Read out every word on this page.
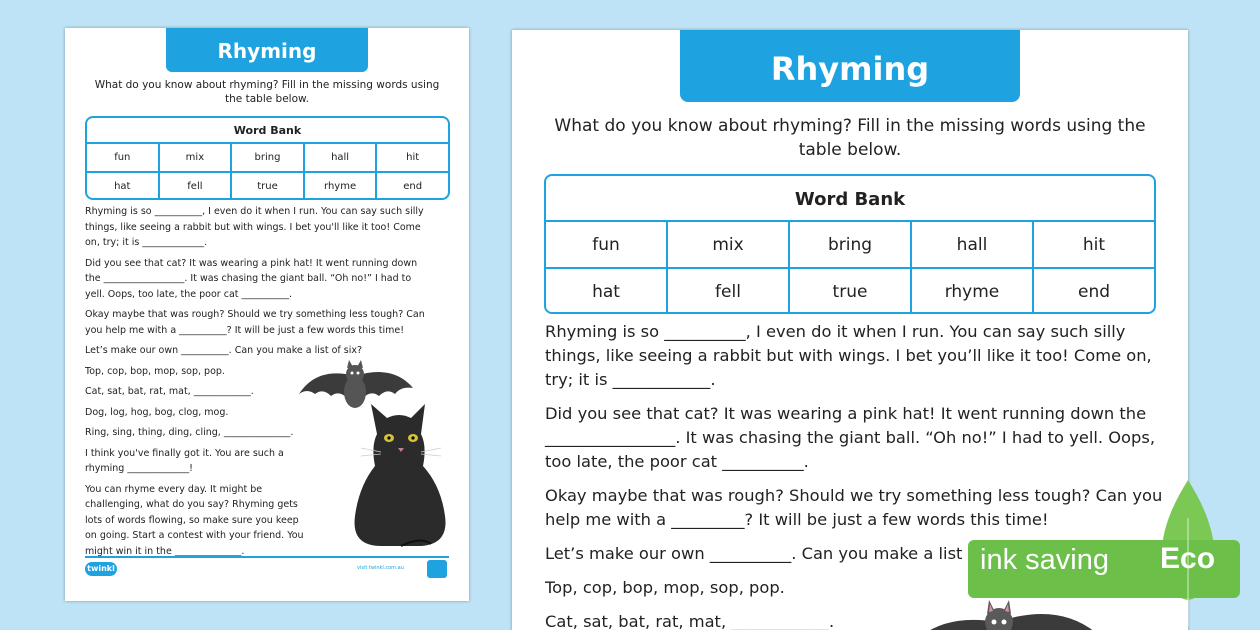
Rhyming
What do you know about rhyming? Fill in the missing words using the table below.
Word Bank
fun	mix	bring	hall	hit
hat	fell	true	rhyme	end

Rhyming is so __________, I even do it when I run. You can say such silly things, like seeing a rabbit but with wings. I bet you'll like it too! Come on, try; it is _____________.

Did you see that cat? It was wearing a pink hat! It went running down the _________________. It was chasing the giant ball. “Oh no!” I had to yell. Oops, too late, the poor cat __________.

Okay maybe that was rough? Should we try something less tough? Can you help me with a __________? It will be just a few words this time!

Let’s make our own __________. Can you make a list of six?

Top, cop, bop, mop, sop, pop.

Cat, sat, bat, rat, mat, ____________.

Dog, log, hog, bog, clog, mog.

Ring, sing, thing, ding, cling, ______________.

I think you've finally got it. You are such a rhyming _____________!

You can rhyme every day. It might be challenging, what do you say? Rhyming gets lots of words flowing, so make sure you keep on going. Start a contest with your friend. You might win it in the ______________.

twinkl	visit twinkl.com.au
Rhyming
What do you know about rhyming? Fill in the missing words using the table below.
Word Bank
fun	mix	bring	hall	hit
hat	fell	true	rhyme	end

Rhyming is so __________, I even do it when I run. You can say such silly things, like seeing a rabbit but with wings. I bet you’ll like it too! Come on, try; it is ____________.

Did you see that cat? It was wearing a pink hat! It went running down the ________________. It was chasing the giant ball. “Oh no!” I had to yell. Oops, too late, the poor cat __________.

Okay maybe that was rough? Should we try something less tough? Can you help me with a _________? It will be just a few words this time!

Let’s make our own __________. Can you make a list

Top, cop, bop, mop, sop, pop.

Cat, sat, bat, rat, mat, ____________.

ink saving Eco
